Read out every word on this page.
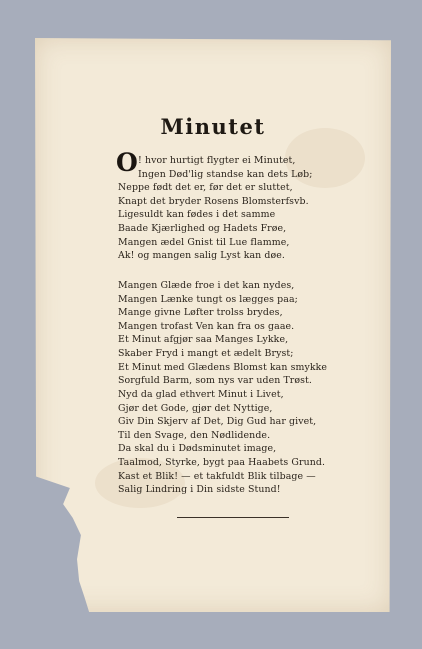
Minutet
O ! hvor hurtigt flygter ei Minutet,
Ingen Død'lig standse kan dets Løb;
Neppe født det er, før det er sluttet,
Knapt det bryder Rosens Blomsterfsvb.
Ligesuldt kan fødes i det samme
Baade Kjærlighed og Hadets Frøe,
Mangen ædel Gnist til Lue flamme,
Ak! og mangen salig Lyst kan døe.
Mangen Glæde froe i det kan nydes,
Mangen Lænke tungt os lægges paa;
Mange givne Løfter trolss brydes,
Mangen trofast Ven kan fra os gaae.
Et Minut afgjør saa Manges Lykke,
Skaber Fryd i mangt et ædelt Bryst;
Et Minut med Glædens Blomst kan smykke
Sorgfuld Barm, som nys var uden Trøst.
Nyd da glad ethvert Minut i Livet,
Gjør det Gode, gjør det Nyttige,
Giv Din Skjerv af Det, Dig Gud har givet,
Til den Svage, den Nødlidende.
Da skal du i Dødsminutet image,
Taalmod, Styrke, bygt paa Haabets Grund.
Kast et Blik! — et takfuldt Blik tilbage —
Salig Lindring i Din sidste Stund!
